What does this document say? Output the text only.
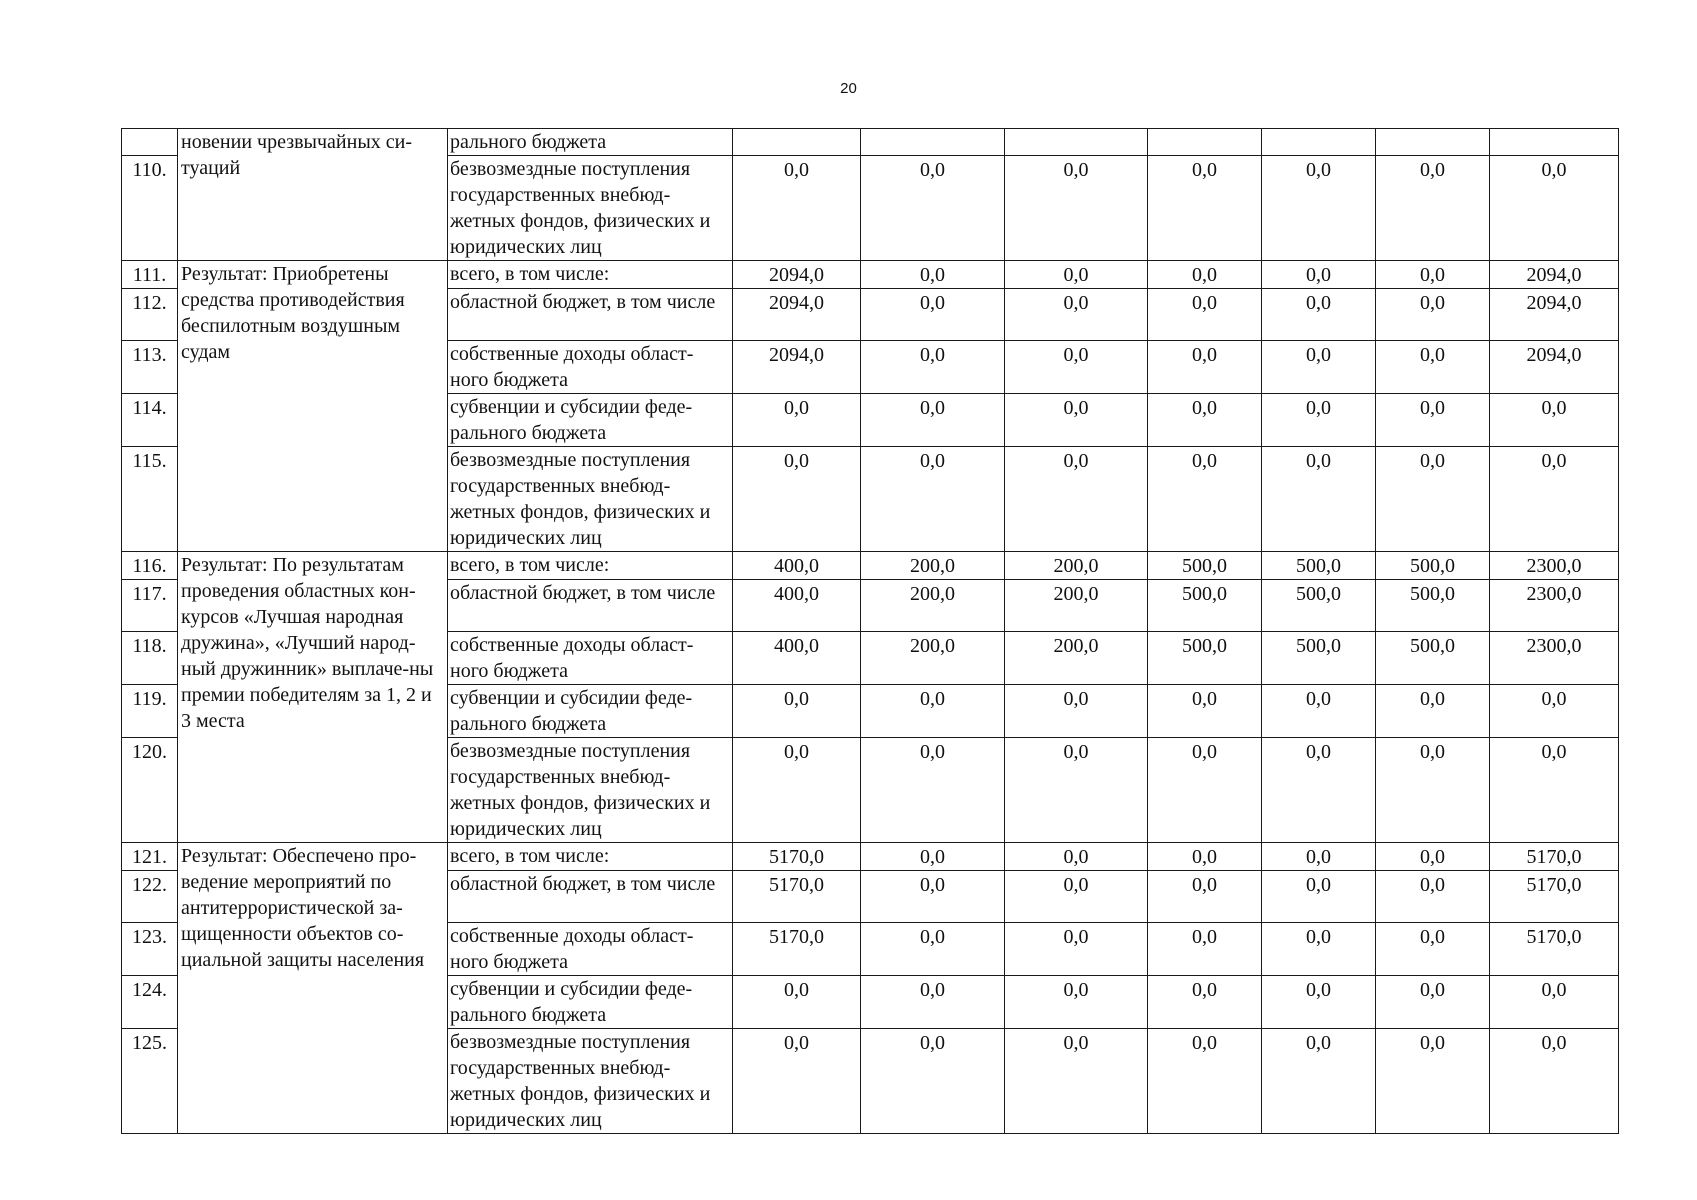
20
	новении чрезвычайных си-туаций	рального бюджета							
110.		безвозмездные поступления государственных внебюд-жетных фондов, физических и юридических лиц	0,0	0,0	0,0	0,0	0,0	0,0	0,0
111.	Результат: Приобретены средства противодействия беспилотным воздушным судам	всего, в том числе:	2094,0	0,0	0,0	0,0	0,0	0,0	2094,0
112.		областной бюджет, в том числе	2094,0	0,0	0,0	0,0	0,0	0,0	2094,0
113.		собственные доходы област-ного бюджета	2094,0	0,0	0,0	0,0	0,0	0,0	2094,0
114.		субвенции и субсидии феде-рального бюджета	0,0	0,0	0,0	0,0	0,0	0,0	0,0
115.		безвозмездные поступления государственных внебюд-жетных фондов, физических и юридических лиц	0,0	0,0	0,0	0,0	0,0	0,0	0,0
116.	Результат: По результатам проведения областных кон-курсов «Лучшая народная дружина», «Лучший народ-ный дружинник» выплаче-ны премии победителям за 1, 2 и 3 места	всего, в том числе:	400,0	200,0	200,0	500,0	500,0	500,0	2300,0
117.		областной бюджет, в том числе	400,0	200,0	200,0	500,0	500,0	500,0	2300,0
118.		собственные доходы област-ного бюджета	400,0	200,0	200,0	500,0	500,0	500,0	2300,0
119.		субвенции и субсидии феде-рального бюджета	0,0	0,0	0,0	0,0	0,0	0,0	0,0
120.		безвозмездные поступления государственных внебюд-жетных фондов, физических и юридических лиц	0,0	0,0	0,0	0,0	0,0	0,0	0,0
121.	Результат: Обеспечено про-ведение мероприятий по антитеррористической за-щищенности объектов со-циальной защиты населения	всего, в том числе:	5170,0	0,0	0,0	0,0	0,0	0,0	5170,0
122.		областной бюджет, в том числе	5170,0	0,0	0,0	0,0	0,0	0,0	5170,0
123.		собственные доходы област-ного бюджета	5170,0	0,0	0,0	0,0	0,0	0,0	5170,0
124.		субвенции и субсидии феде-рального бюджета	0,0	0,0	0,0	0,0	0,0	0,0	0,0
125.		безвозмездные поступления государственных внебюд-жетных фондов, физических и юридических лиц	0,0	0,0	0,0	0,0	0,0	0,0	0,0
